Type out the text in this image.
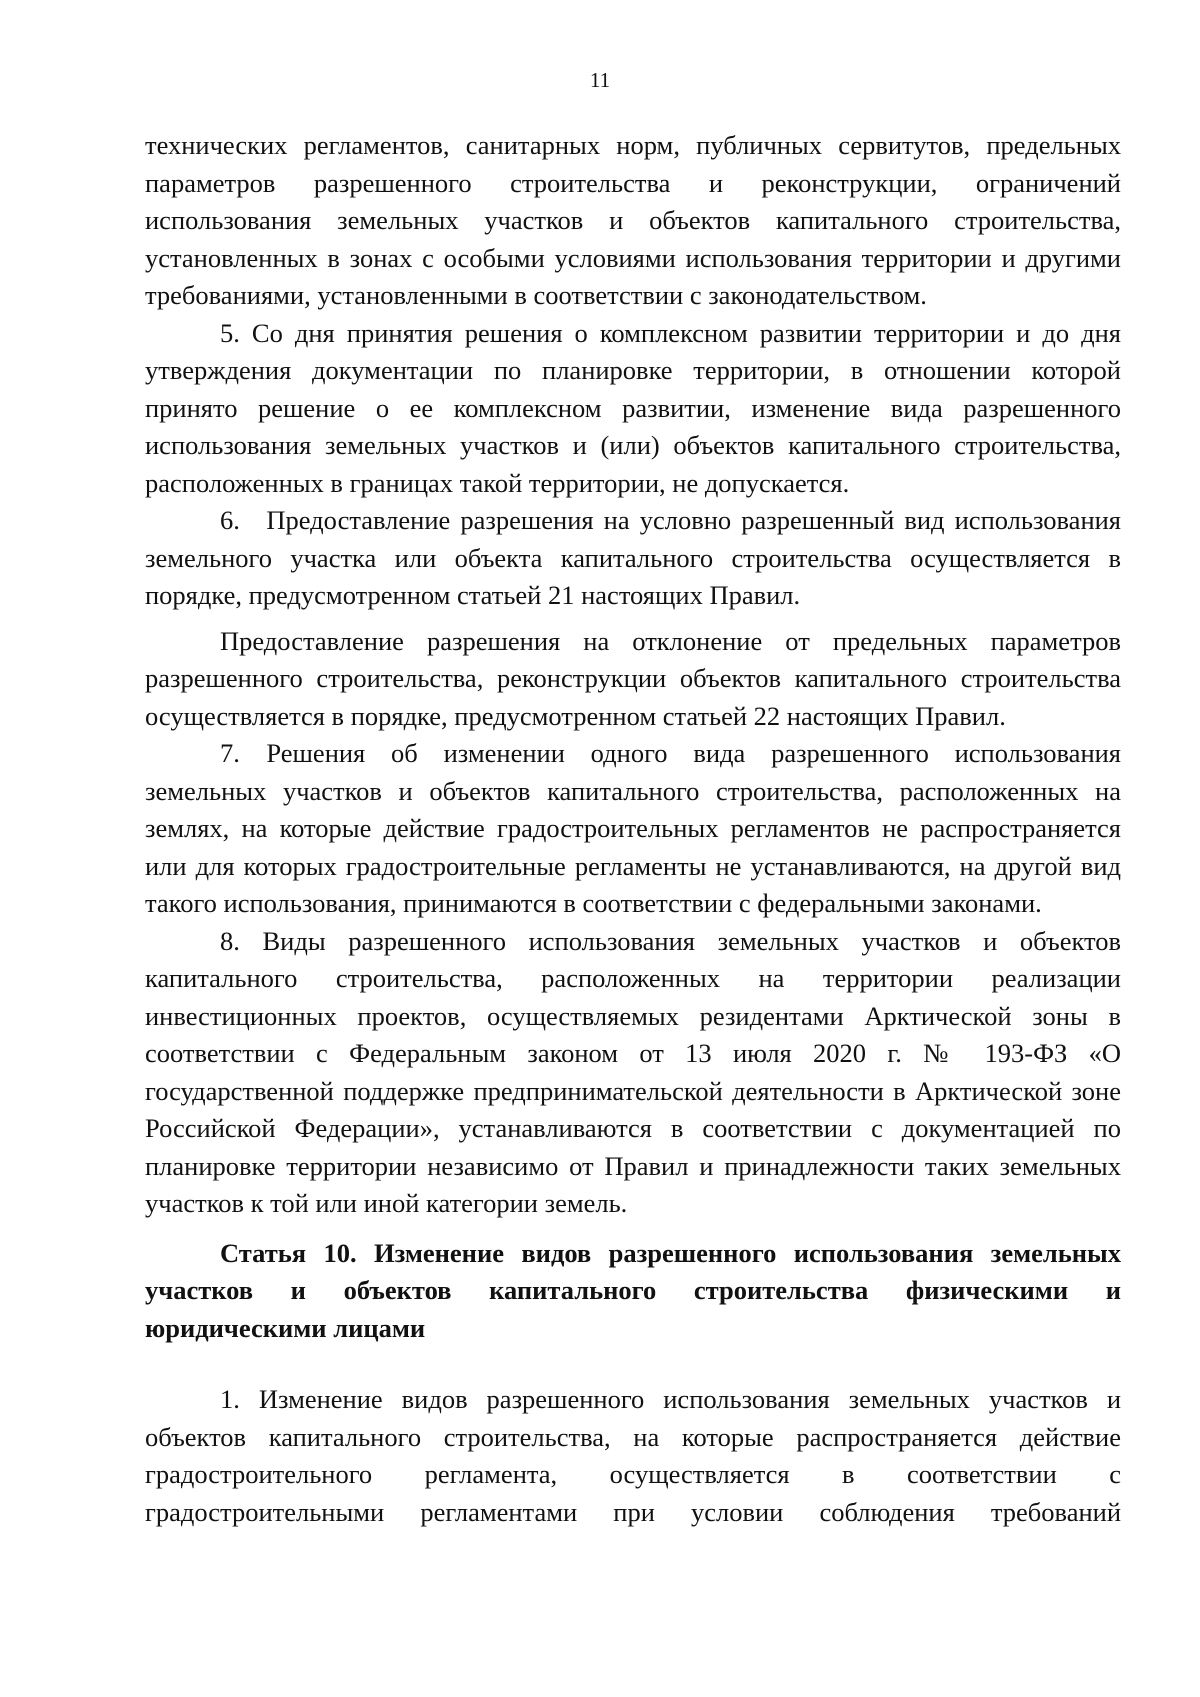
11

технических регламентов, санитарных норм, публичных сервитутов, предельных параметров разрешенного строительства и реконструкции, ограничений использования земельных участков и объектов капитального строительства, установленных в зонах с особыми условиями использования территории и другими требованиями, установленными в соответствии с законодательством.

5. Со дня принятия решения о комплексном развитии территории и до дня утверждения документации по планировке территории, в отношении которой принято решение о ее комплексном развитии, изменение вида разрешенного использования земельных участков и (или) объектов капитального строительства, расположенных в границах такой территории, не допускается.

6. Предоставление разрешения на условно разрешенный вид использования земельного участка или объекта капитального строительства осуществляется в порядке, предусмотренном статьей 21 настоящих Правил.

Предоставление разрешения на отклонение от предельных параметров разрешенного строительства, реконструкции объектов капитального строительства осуществляется в порядке, предусмотренном статьей 22 настоящих Правил.

7. Решения об изменении одного вида разрешенного использования земельных участков и объектов капитального строительства, расположенных на землях, на которые действие градостроительных регламентов не распространяется или для которых градостроительные регламенты не устанавливаются, на другой вид такого использования, принимаются в соответствии с федеральными законами.

8. Виды разрешенного использования земельных участков и объектов капитального строительства, расположенных на территории реализации инвестиционных проектов, осуществляемых резидентами Арктической зоны в соответствии с Федеральным законом от 13 июля 2020 г. № 193-ФЗ «О государственной поддержке предпринимательской деятельности в Арктической зоне Российской Федерации», устанавливаются в соответствии с документацией по планировке территории независимо от Правил и принадлежности таких земельных участков к той или иной категории земель.

Статья 10. Изменение видов разрешенного использования земельных участков и объектов капитального строительства физическими и юридическими лицами

1. Изменение видов разрешенного использования земельных участков и объектов капитального строительства, на которые распространяется действие градостроительного регламента, осуществляется в соответствии с градостроительными регламентами при условии соблюдения требований
